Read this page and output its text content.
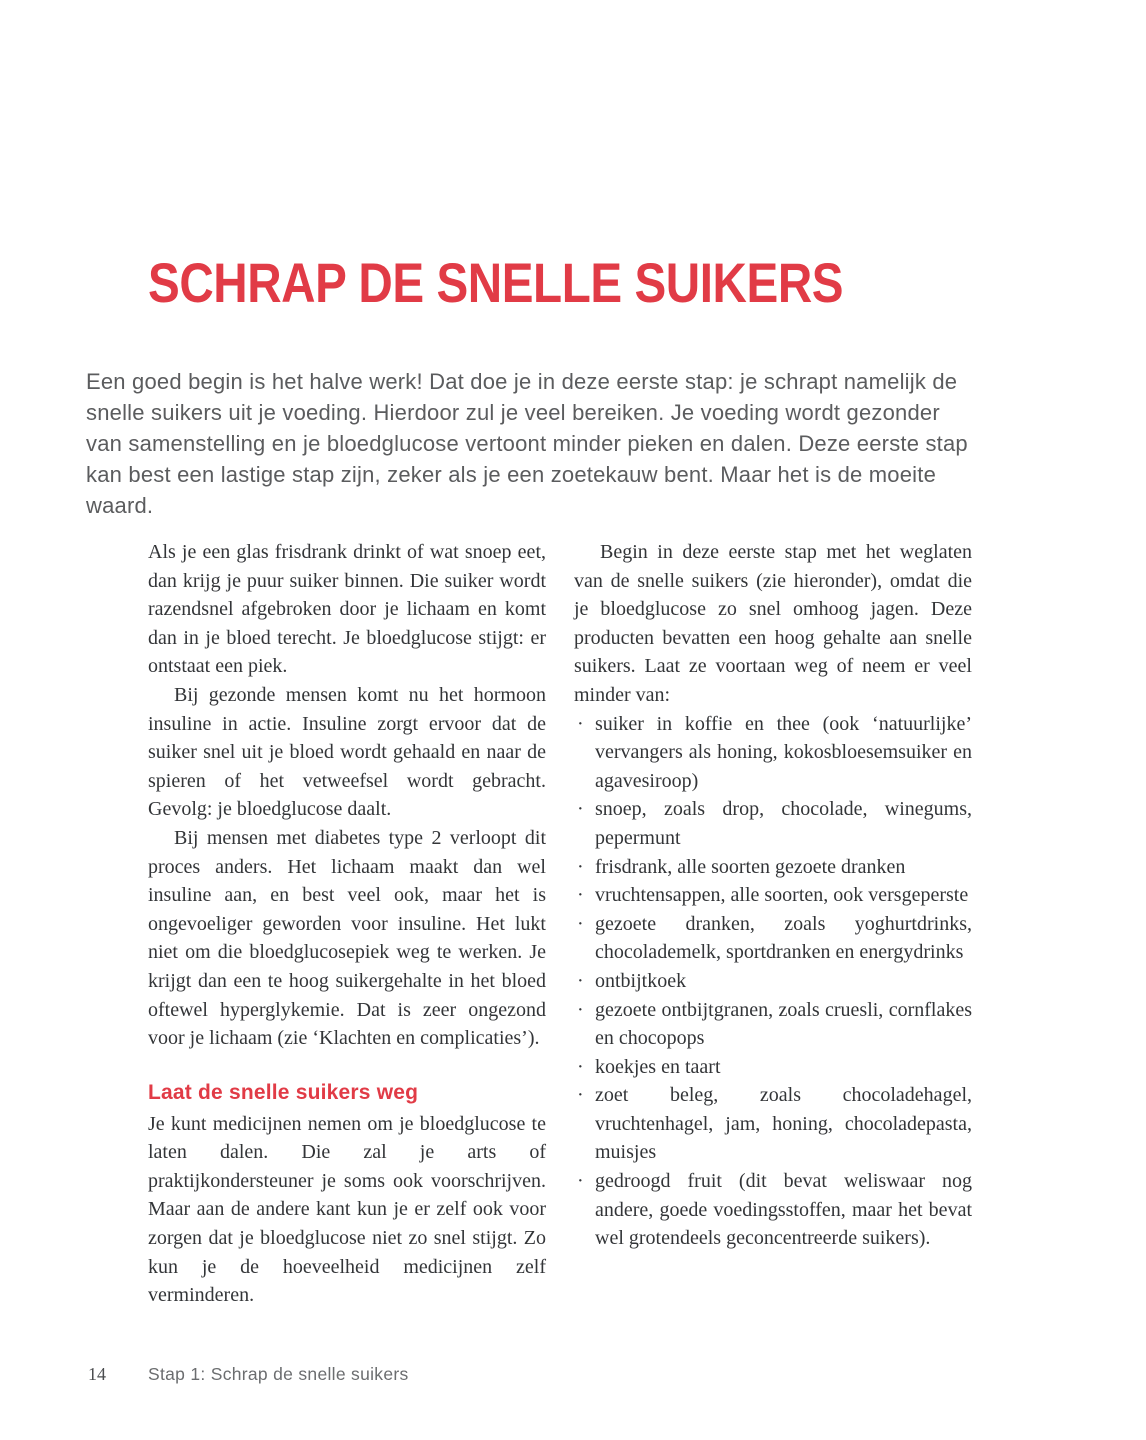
SCHRAP DE SNELLE SUIKERS

Een goed begin is het halve werk! Dat doe je in deze eerste stap: je schrapt namelijk de snelle suikers uit je voeding. Hierdoor zul je veel bereiken. Je voeding wordt gezonder van samenstelling en je bloedglucose vertoont minder pieken en dalen. Deze eerste stap kan best een lastige stap zijn, zeker als je een zoetekauw bent. Maar het is de moeite waard.

Als je een glas frisdrank drinkt of wat snoep eet, dan krijg je puur suiker binnen. Die suiker wordt razendsnel afgebroken door je lichaam en komt dan in je bloed terecht. Je bloedglucose stijgt: er ontstaat een piek.

Bij gezonde mensen komt nu het hormoon insuline in actie. Insuline zorgt ervoor dat de suiker snel uit je bloed wordt gehaald en naar de spieren of het vetweefsel wordt gebracht. Gevolg: je bloedglucose daalt.

Bij mensen met diabetes type 2 verloopt dit proces anders. Het lichaam maakt dan wel insuline aan, en best veel ook, maar het is ongevoeliger geworden voor insuline. Het lukt niet om die bloedglucosepiek weg te werken. Je krijgt dan een te hoog suikergehalte in het bloed oftewel hyperglykemie. Dat is zeer ongezond voor je lichaam (zie ‘Klachten en complicaties’).

Laat de snelle suikers weg

Je kunt medicijnen nemen om je bloedglucose te laten dalen. Die zal je arts of praktijkondersteuner je soms ook voorschrijven. Maar aan de andere kant kun je er zelf ook voor zorgen dat je bloedglucose niet zo snel stijgt. Zo kun je de hoeveelheid medicijnen zelf verminderen.

Begin in deze eerste stap met het weglaten van de snelle suikers (zie hieronder), omdat die je bloedglucose zo snel omhoog jagen. Deze producten bevatten een hoog gehalte aan snelle suikers. Laat ze voortaan weg of neem er veel minder van:

· suiker in koffie en thee (ook ‘natuurlijke’ vervangers als honing, kokosbloesemsuiker en agavesiroop)
· snoep, zoals drop, chocolade, winegums, pepermunt
· frisdrank, alle soorten gezoete dranken
· vruchtensappen, alle soorten, ook versgeperste
· gezoete dranken, zoals yoghurtdrinks, chocolademelk, sportdranken en energydrinks
· ontbijtkoek
· gezoete ontbijtgranen, zoals cruesli, cornflakes en chocopops
· koekjes en taart
· zoet beleg, zoals chocoladehagel, vruchtenhagel, jam, honing, chocoladepasta, muisjes
· gedroogd fruit (dit bevat weliswaar nog andere, goede voedingsstoffen, maar het bevat wel grotendeels geconcentreerde suikers).
14 Stap 1: Schrap de snelle suikers
